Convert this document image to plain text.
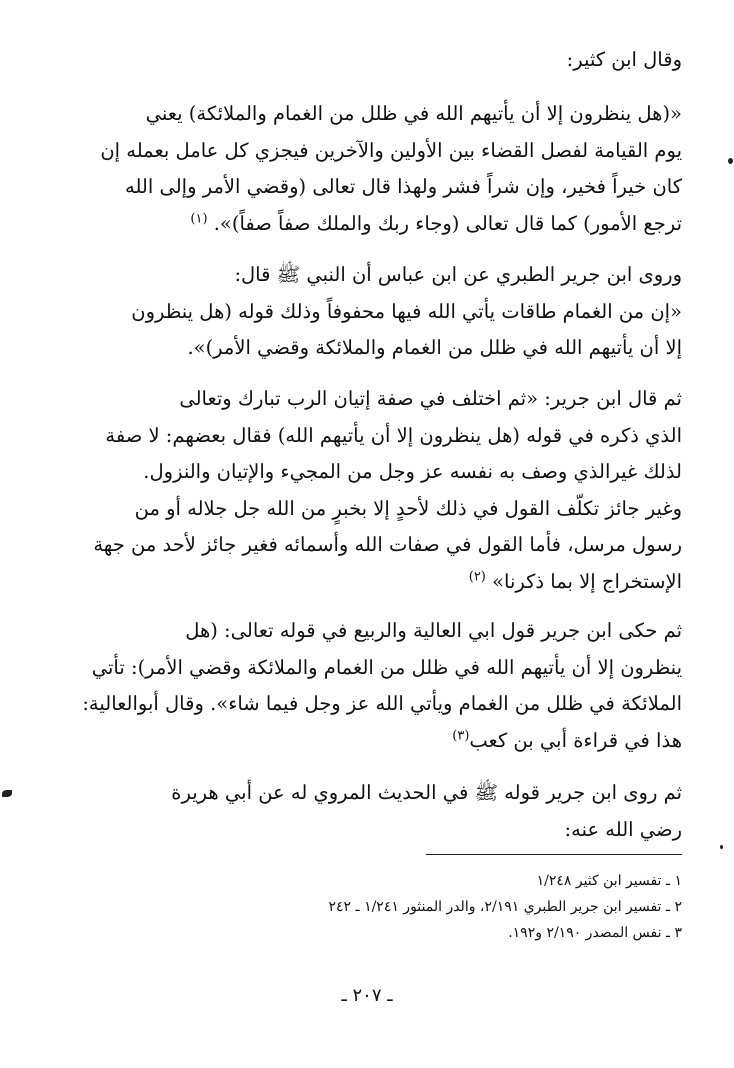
وقال ابن كثير:
«(هل ينظرون إلا أن يأتيهم الله في ظلل من الغمام والملائكة) يعني
يوم القيامة لفصل القضاء بين الأولين والآخرين فيجزي كل عامل بعمله إن
كان خيراً فخير، وإن شراً فشر ولهذا قال تعالى (وقضي الأمر وإلى الله
ترجع الأمور) كما قال تعالى (وجاء ربك والملك صفاً صفاً)». $^{(١)}$
وروى ابن جرير الطبري عن ابن عباس أن النبي ﷺ قال:
«إن من الغمام طاقات يأتي الله فيها محفوفاً وذلك قوله (هل ينظرون
إلا أن يأتيهم الله في ظلل من الغمام والملائكة وقضي الأمر)».
ثم قال ابن جرير: «ثم اختلف في صفة إتيان الرب تبارك وتعالى
الذي ذكره في قوله (هل ينظرون إلا أن يأتيهم الله) فقال بعضهم: لا صفة
لذلك غيرالذي وصف به نفسه عز وجل من المجيء والإتيان والنزول.
وغير جائز تكلّف القول في ذلك لأحدٍ إلا بخبرٍ من الله جل جلاله أو من
رسول مرسل، فأما القول في صفات الله وأسمائه فغير جائز لأحد من جهة
الإستخراج إلا بما ذكرنا» $^{(٢)}$
ثم حكى ابن جرير قول ابي العالية والربيع في قوله تعالى: (هل
ينظرون إلا أن يأتيهم الله في ظلل من الغمام والملائكة وقضي الأمر): تأتي
الملائكة في ظلل من الغمام ويأتي الله عز وجل فيما شاء». وقال أبوالعالية:
هذا في قراءة أبي بن كعب$^{(٣)}$
ثم روى ابن جرير قوله ﷺ في الحديث المروي له عن أبي هريرة
رضي الله عنه:
١ ـ تفسير ابن كثير ١/٢٤٨
٢ ـ تفسير ابن جرير الطبري ٢/١٩١، والدر المنثور ١/٢٤١ ـ ٢٤٢
٣ ـ نفس المصدر ٢/١٩٠ و١٩٢.
ـ ٢٠٧ ـ
